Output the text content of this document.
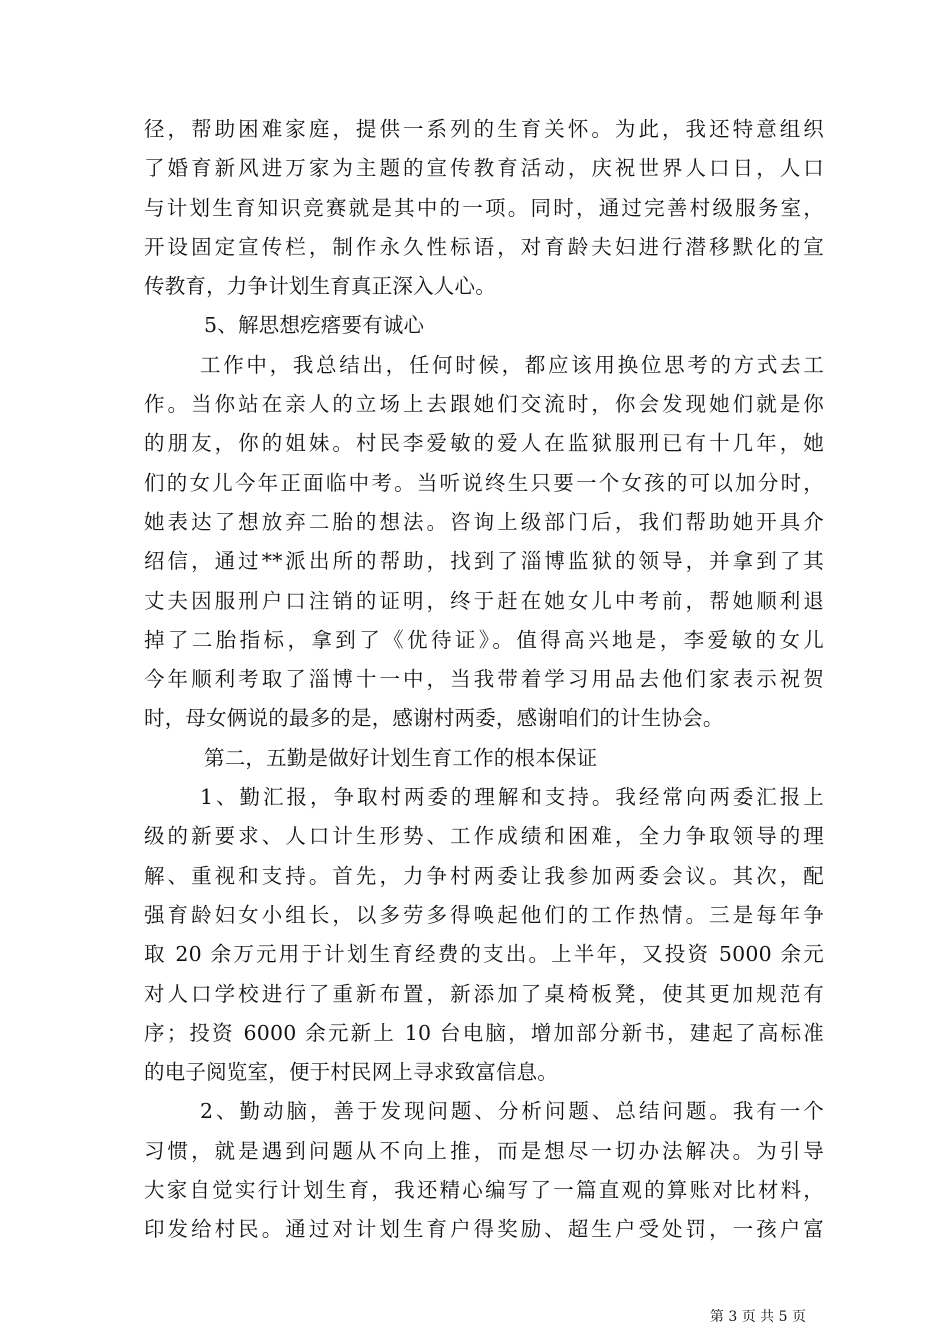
径，帮助困难家庭，提供一系列的生育关怀。为此，我还特意组织
了婚育新风进万家为主题的宣传教育活动，庆祝世界人口日，人口
与计划生育知识竞赛就是其中的一项。同时，通过完善村级服务室，
开设固定宣传栏，制作永久性标语，对育龄夫妇进行潜移默化的宣
传教育，力争计划生育真正深入人心。
5、解思想疙瘩要有诚心
工作中，我总结出，任何时候，都应该用换位思考的方式去工
作。当你站在亲人的立场上去跟她们交流时，你会发现她们就是你
的朋友，你的姐妹。村民李爱敏的爱人在监狱服刑已有十几年，她
们的女儿今年正面临中考。当听说终生只要一个女孩的可以加分时，
她表达了想放弃二胎的想法。咨询上级部门后，我们帮助她开具介
绍信，通过**派出所的帮助，找到了淄博监狱的领导，并拿到了其
丈夫因服刑户口注销的证明，终于赶在她女儿中考前，帮她顺利退
掉了二胎指标，拿到了《优待证》。值得高兴地是，李爱敏的女儿
今年顺利考取了淄博十一中，当我带着学习用品去他们家表示祝贺
时，母女俩说的最多的是，感谢村两委，感谢咱们的计生协会。
第二，五勤是做好计划生育工作的根本保证
1、勤汇报，争取村两委的理解和支持。我经常向两委汇报上
级的新要求、人口计生形势、工作成绩和困难，全力争取领导的理
解、重视和支持。首先，力争村两委让我参加两委会议。其次，配
强育龄妇女小组长，以多劳多得唤起他们的工作热情。三是每年争
取 20 余万元用于计划生育经费的支出。上半年，又投资 5000 余元
对人口学校进行了重新布置，新添加了桌椅板凳，使其更加规范有
序；投资 6000 余元新上 10 台电脑，增加部分新书，建起了高标准
的电子阅览室，便于村民网上寻求致富信息。
2、勤动脑，善于发现问题、分析问题、总结问题。我有一个
习惯，就是遇到问题从不向上推，而是想尽一切办法解决。为引导
大家自觉实行计划生育，我还精心编写了一篇直观的算账对比材料，
印发给村民。通过对计划生育户得奖励、超生户受处罚，一孩户富
第 3 页 共 5 页
